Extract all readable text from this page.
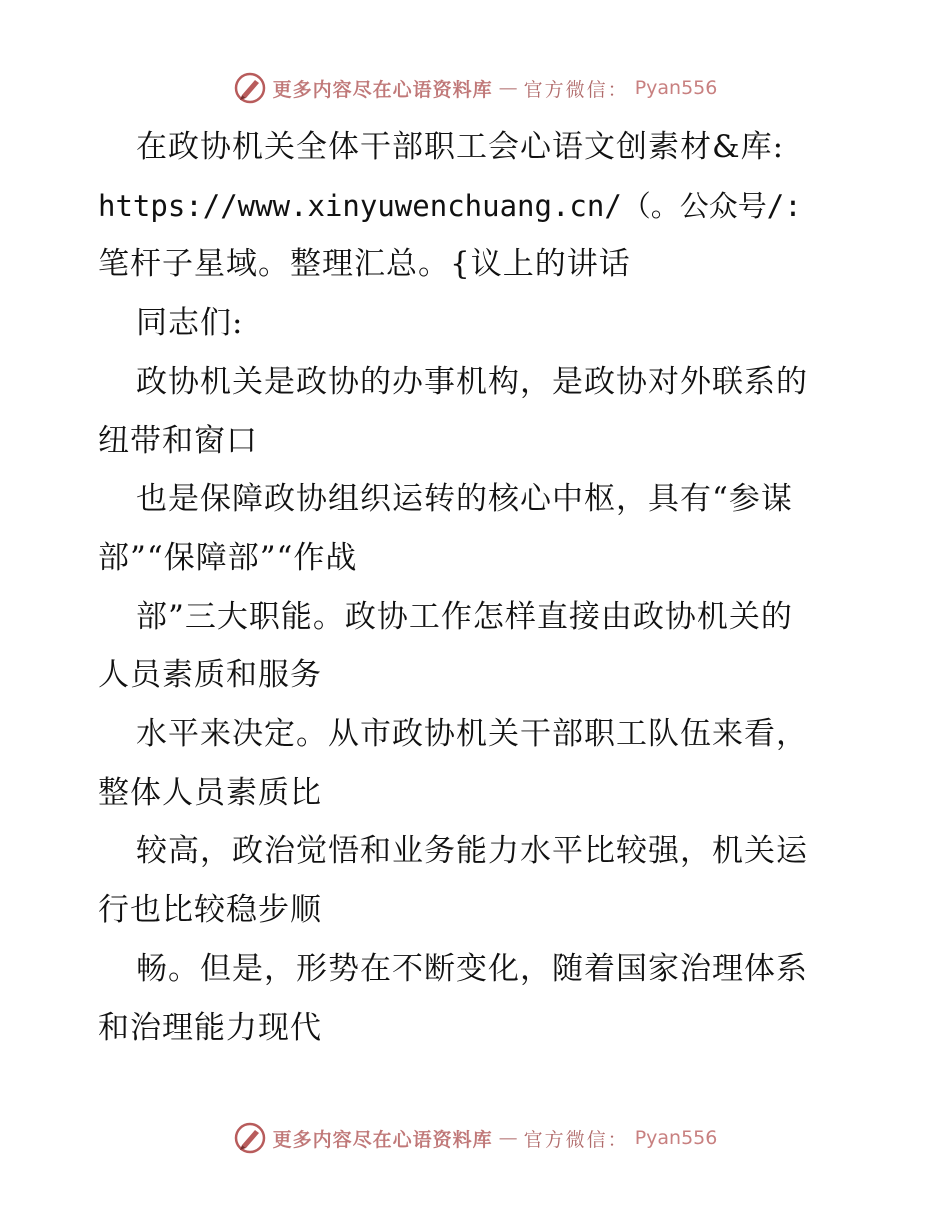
更多内容尽在心语资料库 — 官方微信： Pyan556
在政协机关全体干部职工会心语文创素材&库:
https://www.xinyuwenchuang.cn/（。公众号/:
笔杆子星域。整理汇总。{议上的讲话
同志们:
政协机关是政协的办事机构，是政协对外联系的
纽带和窗口
也是保障政协组织运转的核心中枢，具有“参谋
部”“保障部”“作战
部”三大职能。政协工作怎样直接由政协机关的
人员素质和服务
水平来决定。从市政协机关干部职工队伍来看，
整体人员素质比
较高，政治觉悟和业务能力水平比较强，机关运
行也比较稳步顺
畅。但是，形势在不断变化，随着国家治理体系
和治理能力现代
更多内容尽在心语资料库 — 官方微信： Pyan556
